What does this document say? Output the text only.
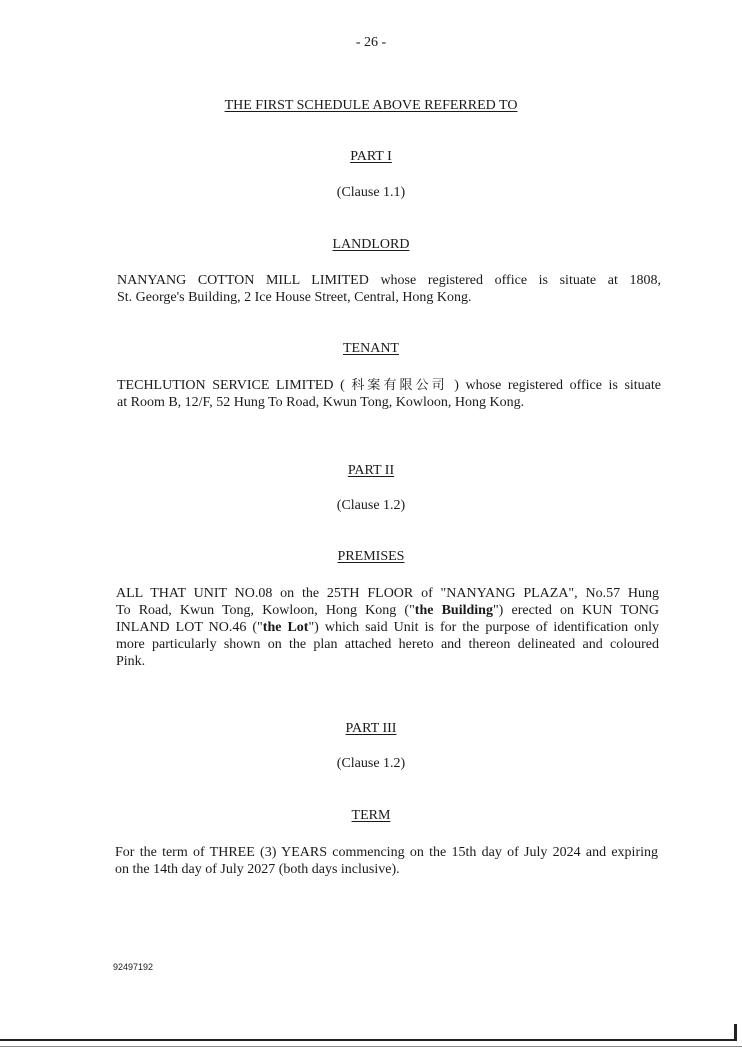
- 26 -
THE FIRST SCHEDULE ABOVE REFERRED TO
PART I
(Clause 1.1)
LANDLORD
NANYANG COTTON MILL LIMITED whose registered office is situate at 1808,
St. George's Building, 2 Ice House Street, Central, Hong Kong.
TENANT
TECHLUTION SERVICE LIMITED ( 科案有限公司 ) whose registered office is situate
at Room B, 12/F, 52 Hung To Road, Kwun Tong, Kowloon, Hong Kong.
PART II
(Clause 1.2)
PREMISES
ALL THAT UNIT NO.08 on the 25TH FLOOR of "NANYANG PLAZA", No.57 Hung
To Road, Kwun Tong, Kowloon, Hong Kong ("the Building") erected on KUN TONG
INLAND LOT NO.46 ("the Lot") which said Unit is for the purpose of identification only
more particularly shown on the plan attached hereto and thereon delineated and coloured
Pink.
PART III
(Clause 1.2)
TERM
For the term of THREE (3) YEARS commencing on the 15th day of July 2024 and expiring
on the 14th day of July 2027 (both days inclusive).
92497192
